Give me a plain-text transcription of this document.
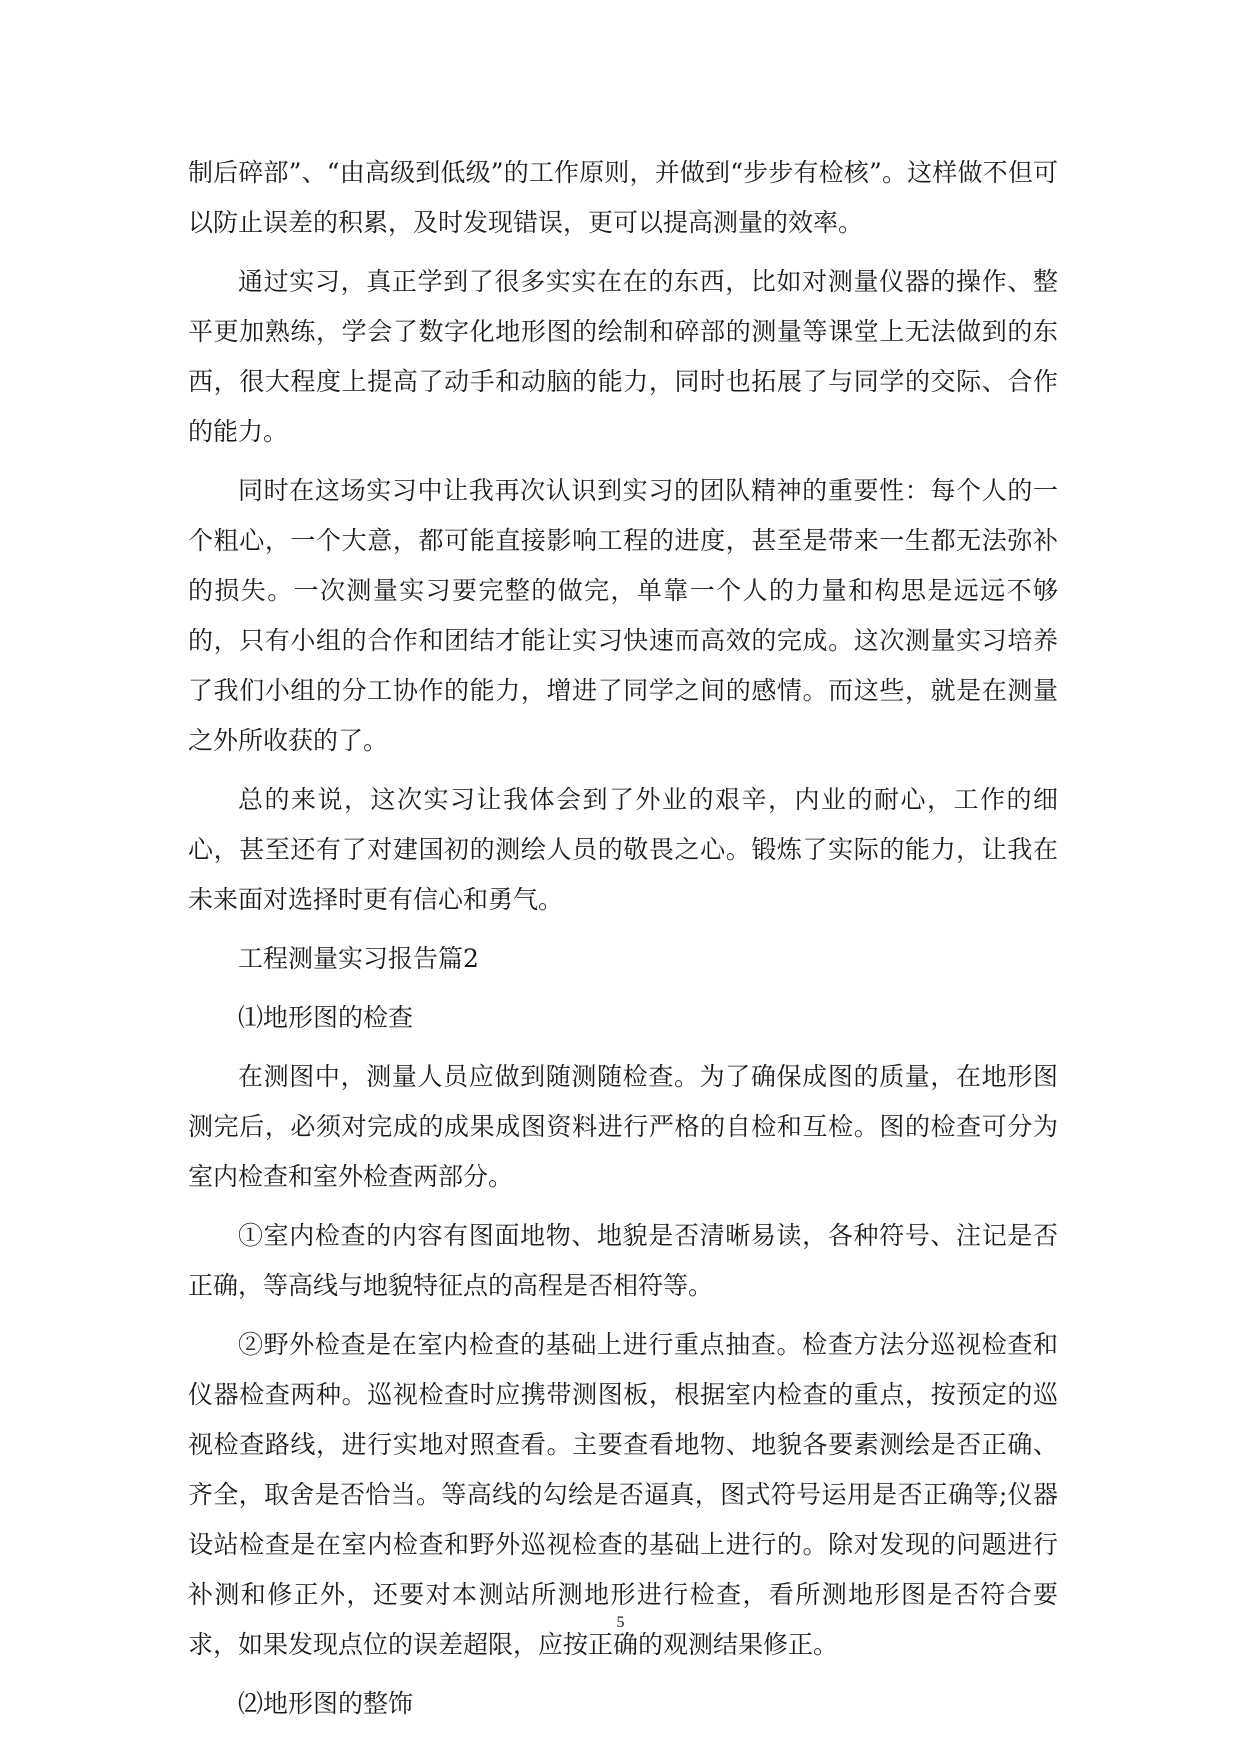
制后碎部”、“由高级到低级”的工作原则，并做到“步步有检核”。这样做不但可以防止误差的积累，及时发现错误，更可以提高测量的效率。

通过实习，真正学到了很多实实在在的东西，比如对测量仪器的操作、整平更加熟练，学会了数字化地形图的绘制和碎部的测量等课堂上无法做到的东西，很大程度上提高了动手和动脑的能力，同时也拓展了与同学的交际、合作的能力。

同时在这场实习中让我再次认识到实习的团队精神的重要性：每个人的一个粗心，一个大意，都可能直接影响工程的进度，甚至是带来一生都无法弥补的损失。一次测量实习要完整的做完，单靠一个人的力量和构思是远远不够的，只有小组的合作和团结才能让实习快速而高效的完成。这次测量实习培养了我们小组的分工协作的能力，增进了同学之间的感情。而这些，就是在测量之外所收获的了。

总的来说，这次实习让我体会到了外业的艰辛，内业的耐心，工作的细心，甚至还有了对建国初的测绘人员的敬畏之心。锻炼了实际的能力，让我在未来面对选择时更有信心和勇气。

工程测量实习报告篇2

⑴地形图的检查

在测图中，测量人员应做到随测随检查。为了确保成图的质量，在地形图测完后，必须对完成的成果成图资料进行严格的自检和互检。图的检查可分为室内检查和室外检查两部分。

①室内检查的内容有图面地物、地貌是否清晰易读，各种符号、注记是否正确，等高线与地貌特征点的高程是否相符等。

②野外检查是在室内检查的基础上进行重点抽查。检查方法分巡视检查和仪器检查两种。巡视检查时应携带测图板，根据室内检查的重点，按预定的巡视检查路线，进行实地对照查看。主要查看地物、地貌各要素测绘是否正确、齐全，取舍是否恰当。等高线的勾绘是否逼真，图式符号运用是否正确等;仪器设站检查是在室内检查和野外巡视检查的基础上进行的。除对发现的问题进行补测和修正外，还要对本测站所测地形进行检查，看所测地形图是否符合要求，如果发现点位的误差超限，应按正确的观测结果修正。

⑵地形图的整饰

5
